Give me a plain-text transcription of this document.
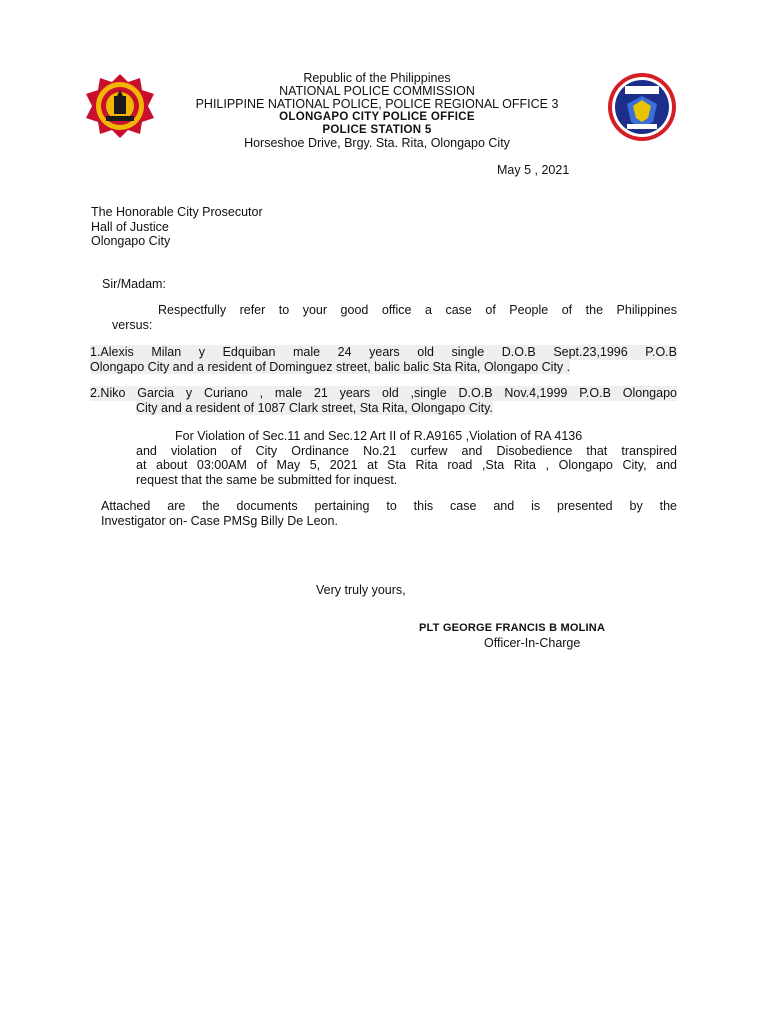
Republic of the Philippines
NATIONAL POLICE COMMISSION
PHILIPPINE NATIONAL POLICE, POLICE REGIONAL OFFICE 3
OLONGAPO CITY POLICE OFFICE
POLICE STATION 5
Horseshoe Drive, Brgy. Sta. Rita, Olongapo City
May 5 , 2021
The Honorable City Prosecutor
Hall of Justice
Olongapo City
Sir/Madam:
Respectfully refer to your good office a case of People of the Philippines
versus:
1.Alexis Milan y Edquiban male 24 years old single D.O.B Sept.23,1996 P.O.B
Olongapo City and a resident of Dominguez street, balic balic Sta Rita, Olongapo City .
2.Niko Garcia y Curiano , male 21 years old ,single D.O.B Nov.4,1999 P.O.B Olongapo
City and a resident of 1087 Clark street, Sta Rita, Olongapo City.
For Violation of Sec.11 and Sec.12 Art II of R.A9165 ,Violation of RA 4136
and violation of City Ordinance No.21 curfew and Disobedience that transpired
at about 03:00AM of May 5, 2021 at Sta Rita road ,Sta Rita , Olongapo City, and
request that the same be submitted for inquest.
Attached are the documents pertaining to this case and is presented by the
Investigator on- Case PMSg Billy De Leon.
Very truly yours,
PLT GEORGE FRANCIS B MOLINA
Officer-In-Charge
